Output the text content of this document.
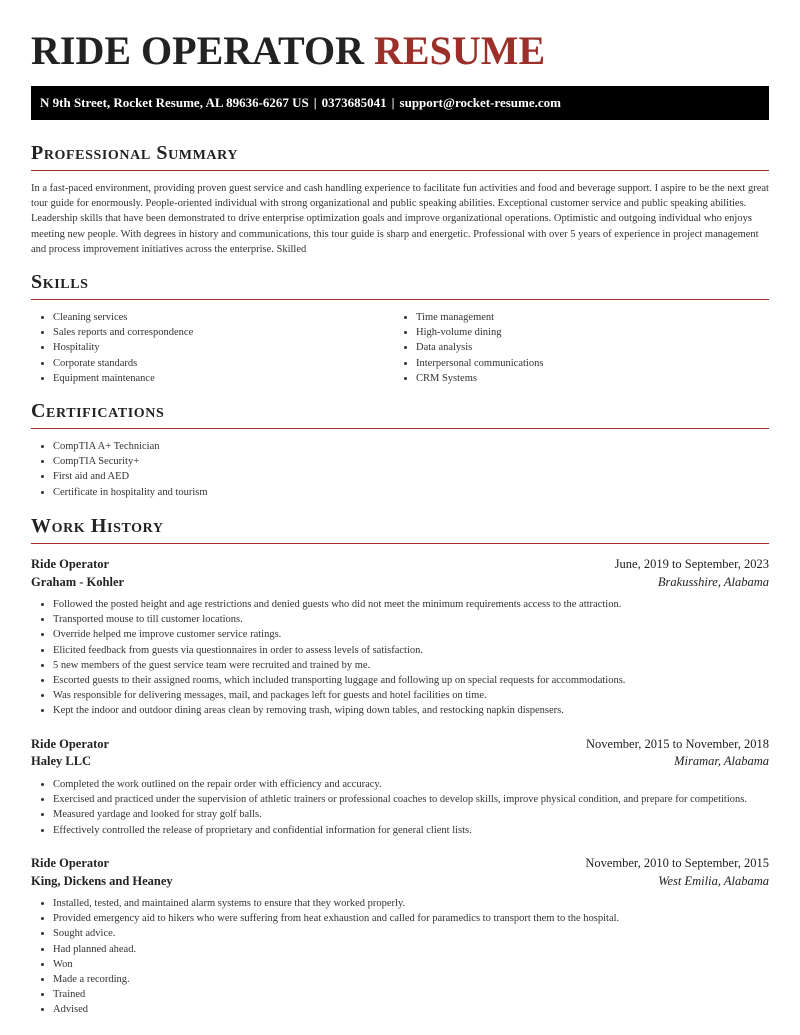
RIDE OPERATOR RESUME
N 9th Street, Rocket Resume, AL 89636-6267 US | 0373685041 | support@rocket-resume.com
Professional Summary

In a fast-paced environment, providing proven guest service and cash handling experience to facilitate fun activities and food and beverage support. I aspire to be the next great tour guide for enormously. People-oriented individual with strong organizational and public speaking abilities. Exceptional customer service and public speaking abilities. Leadership skills that have been demonstrated to drive enterprise optimization goals and improve organizational operations. Optimistic and outgoing individual who enjoys meeting new people. With degrees in history and communications, this tour guide is sharp and energetic. Professional with over 5 years of experience in project management and process improvement initiatives across the enterprise. Skilled

Skills
• Cleaning services
• Sales reports and correspondence
• Hospitality
• Corporate standards
• Equipment maintenance
• Time management
• High-volume dining
• Data analysis
• Interpersonal communications
• CRM Systems
Certifications
• CompTIA A+ Technician
• CompTIA Security+
• First aid and AED
• Certificate in hospitality and tourism
Work History
Ride Operator	June, 2019 to September, 2023
Graham - Kohler	Brakusshire, Alabama
• Followed the posted height and age restrictions and denied guests who did not meet the minimum requirements access to the attraction.
• Transported mouse to till customer locations.
• Override helped me improve customer service ratings.
• Elicited feedback from guests via questionnaires in order to assess levels of satisfaction.
• 5 new members of the guest service team were recruited and trained by me.
• Escorted guests to their assigned rooms, which included transporting luggage and following up on special requests for accommodations.
• Was responsible for delivering messages, mail, and packages left for guests and hotel facilities on time.
• Kept the indoor and outdoor dining areas clean by removing trash, wiping down tables, and restocking napkin dispensers.
Ride Operator	November, 2015 to November, 2018
Haley LLC	Miramar, Alabama
• Completed the work outlined on the repair order with efficiency and accuracy.
• Exercised and practiced under the supervision of athletic trainers or professional coaches to develop skills, improve physical condition, and prepare for competitions.
• Measured yardage and looked for stray golf balls.
• Effectively controlled the release of proprietary and confidential information for general client lists.
Ride Operator	November, 2010 to September, 2015
King, Dickens and Heaney	West Emilia, Alabama
• Installed, tested, and maintained alarm systems to ensure that they worked properly.
• Provided emergency aid to hikers who were suffering from heat exhaustion and called for paramedics to transport them to the hospital.
• Sought advice.
• Had planned ahead.
• Won
• Made a recording.
• Trained
• Advised
